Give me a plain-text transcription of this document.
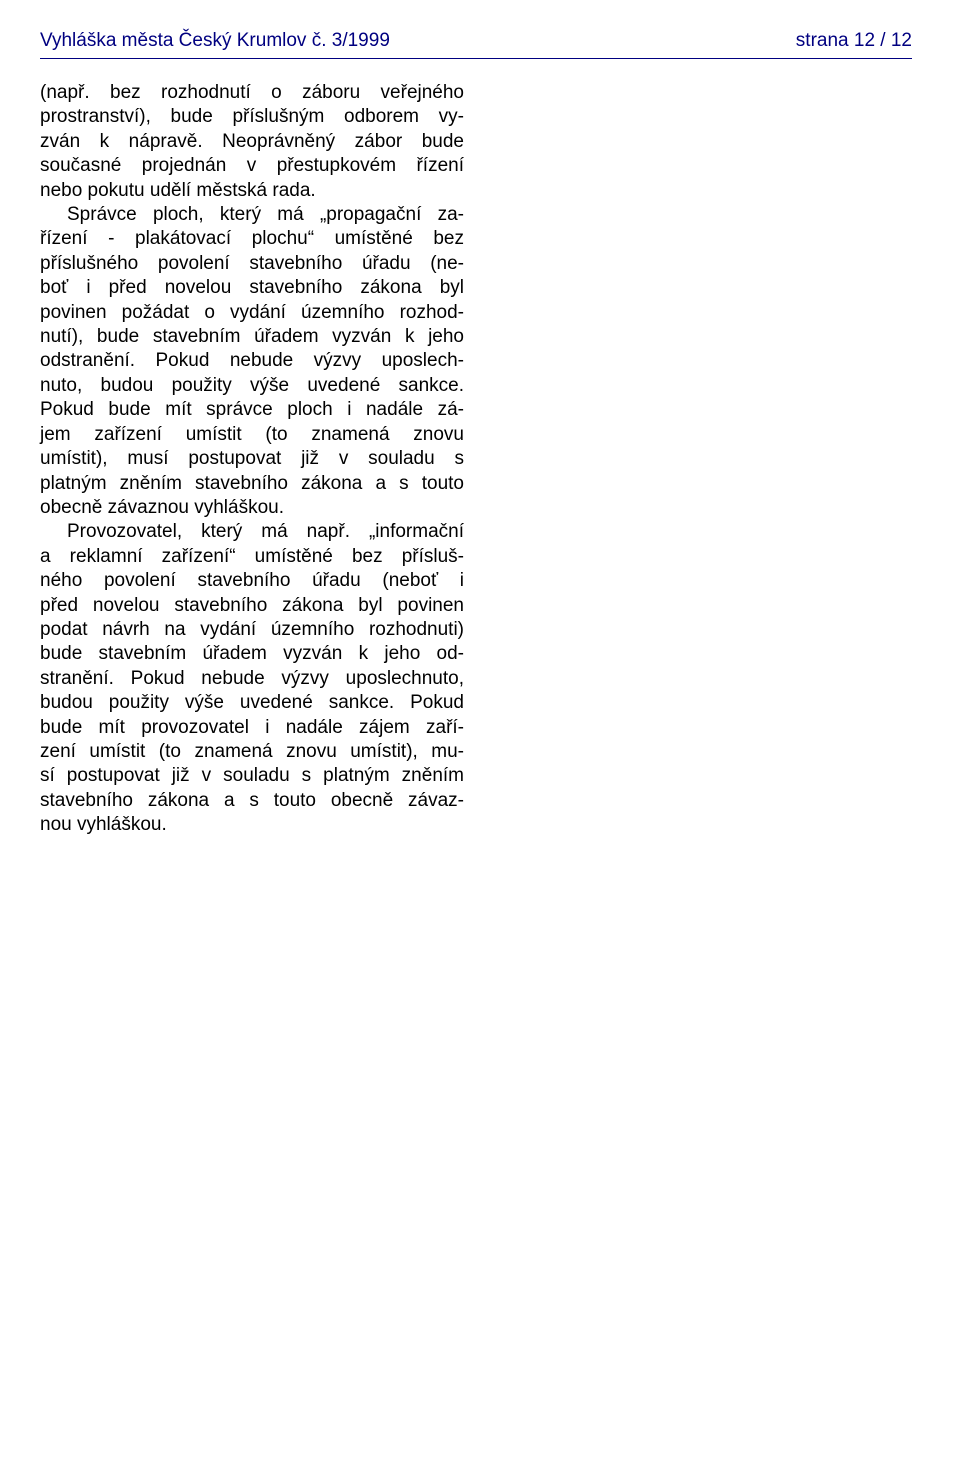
Vyhláška města Český Krumlov č. 3/1999	strana 12 / 12
(např. bez rozhodnutí o záboru veřejného
prostranství), bude příslušným odborem vy-
zván k nápravě. Neoprávněný zábor bude
současné projednán v přestupkovém řízení
nebo pokutu udělí městská rada.
Správce ploch, který má „propagační za-
řízení - plakátovací plochu“ umístěné bez
příslušného povolení stavebního úřadu (ne-
boť i před novelou stavebního zákona byl
povinen požádat o vydání územního rozhod-
nutí), bude stavebním úřadem vyzván k jeho
odstranění. Pokud nebude výzvy uposlech-
nuto, budou použity výše uvedené sankce.
Pokud bude mít správce ploch i nadále zá-
jem zařízení umístit (to znamená znovu
umístit), musí postupovat již v souladu s
platným zněním stavebního zákona a s touto
obecně závaznou vyhláškou.
Provozovatel, který má např. „informační
a reklamní zařízení“ umístěné bez přísluš-
ného povolení stavebního úřadu (neboť i
před novelou stavebního zákona byl povinen
podat návrh na vydání územního rozhodnuti)
bude stavebním úřadem vyzván k jeho od-
stranění. Pokud nebude výzvy uposlechnuto,
budou použity výše uvedené sankce. Pokud
bude mít provozovatel i nadále zájem zaří-
zení umístit (to znamená znovu umístit), mu-
sí postupovat již v souladu s platným zněním
stavebního zákona a s touto obecně závaz-
nou vyhláškou.
